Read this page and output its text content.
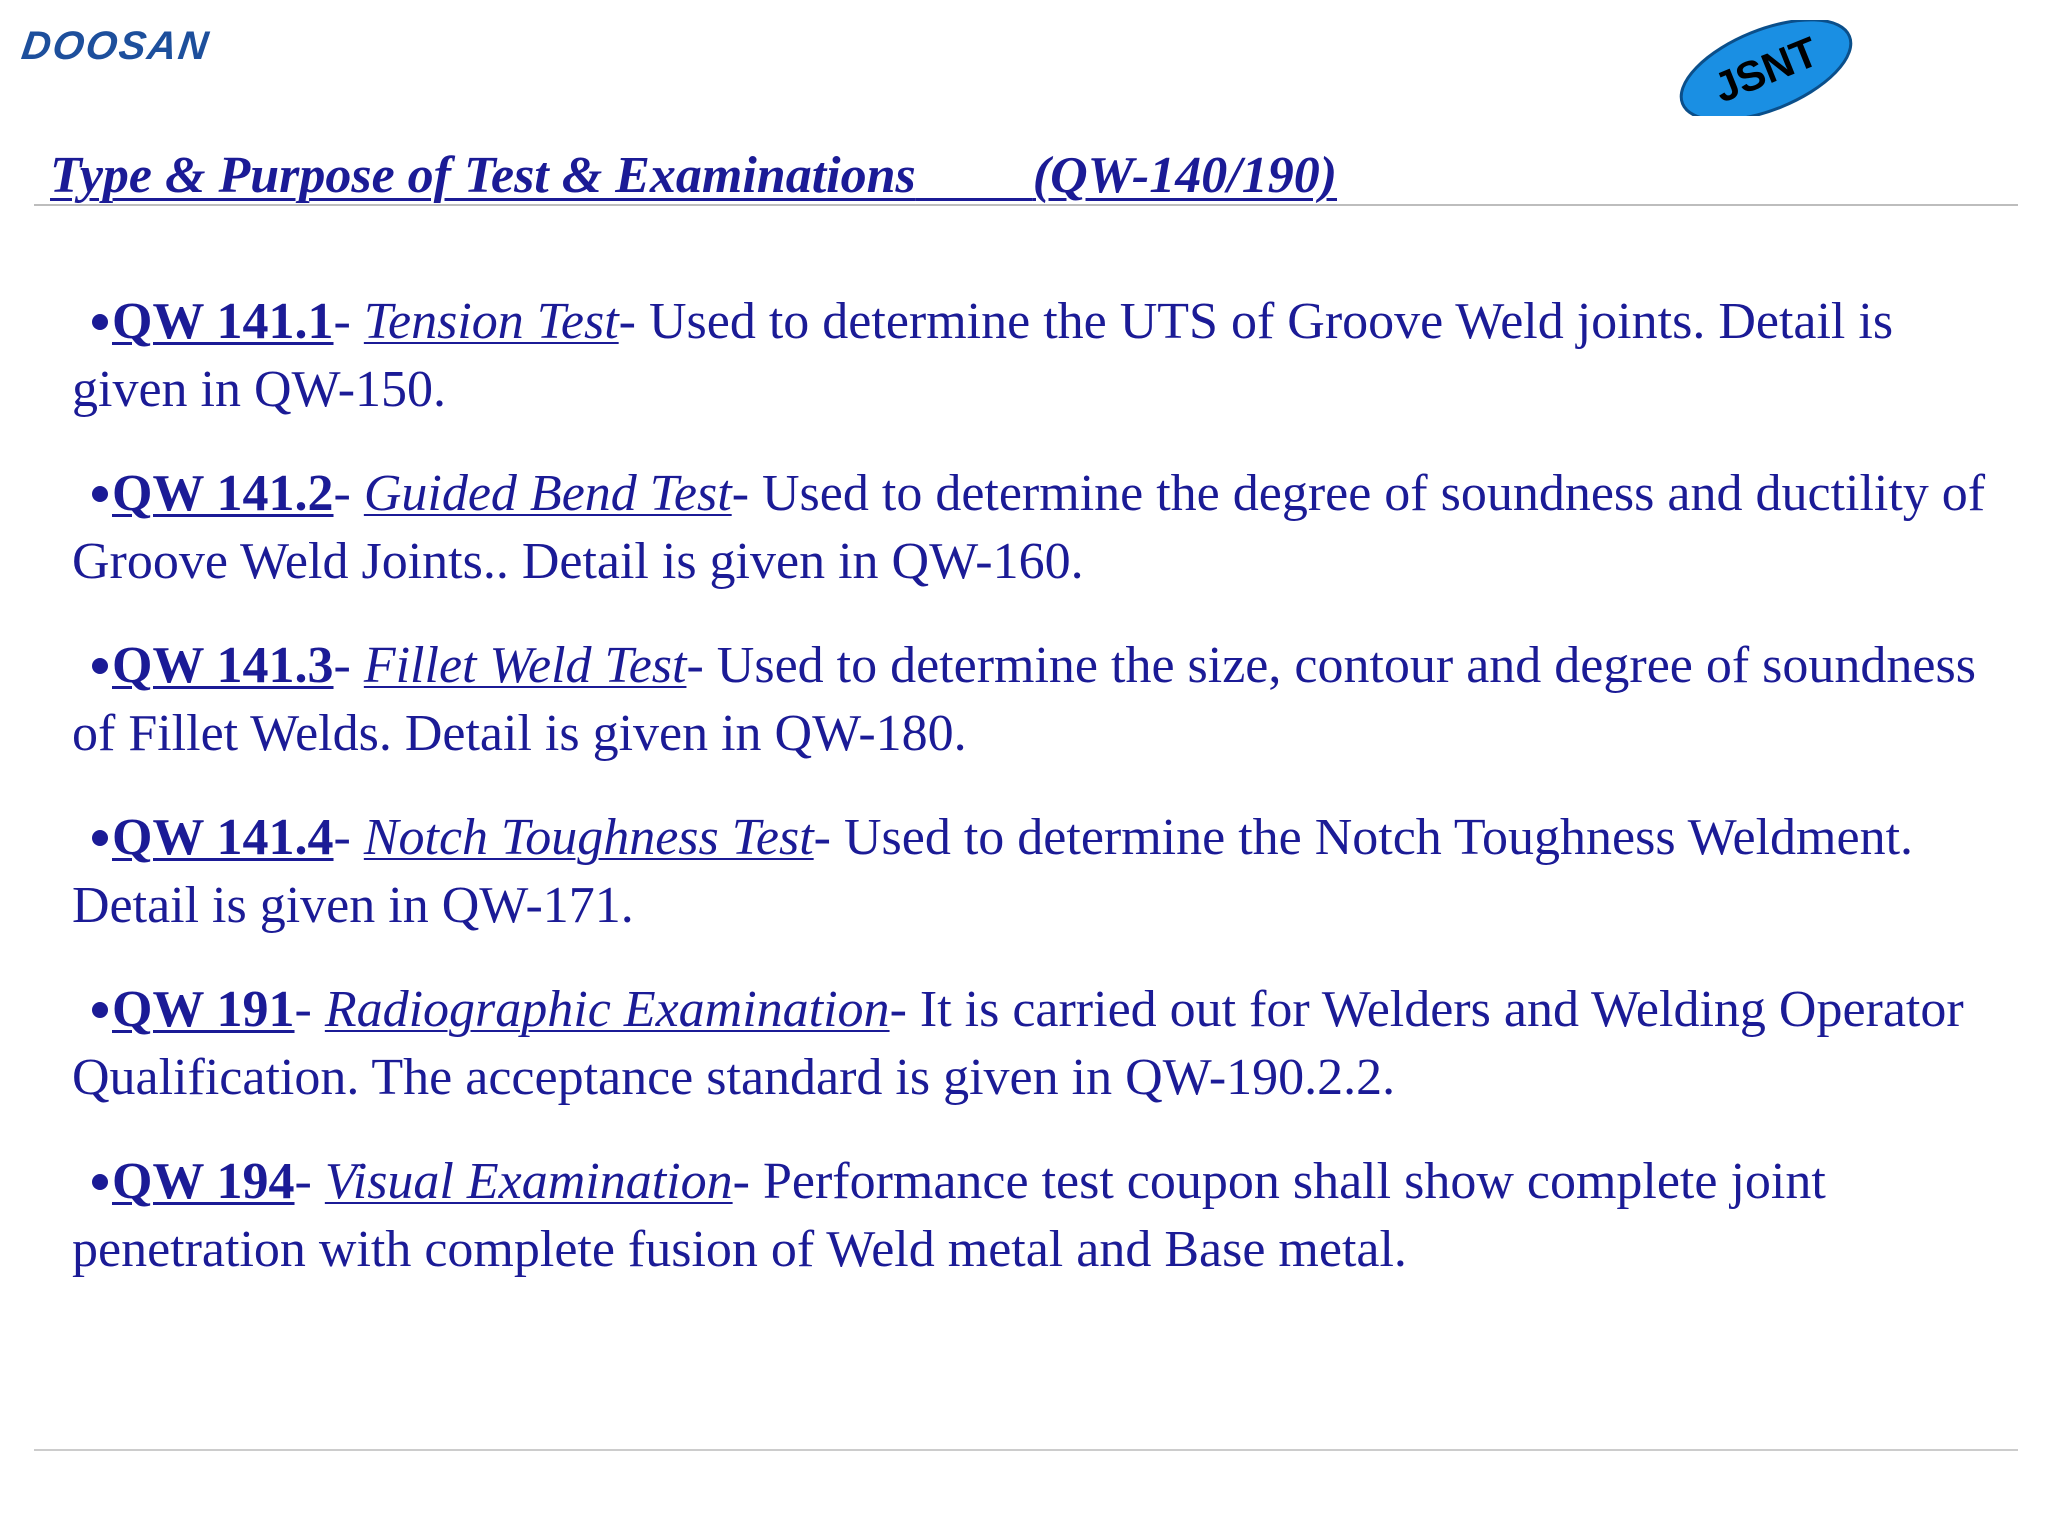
DOOSAN	JSNT
Type & Purpose of Test & Examinations (QW-140/190)
QW 141.1- Tension Test- Used to determine the UTS of Groove Weld joints. Detail is given in QW-150.
QW 141.2- Guided Bend Test- Used to determine the degree of soundness and ductility of Groove Weld Joints.. Detail is given in QW-160.
QW 141.3- Fillet Weld Test- Used to determine the size, contour and degree of soundness of Fillet Welds. Detail is given in QW-180.
QW 141.4- Notch Toughness Test- Used to determine the Notch Toughness Weldment. Detail is given in QW-171.
QW 191- Radiographic Examination- It is carried out for Welders and Welding Operator Qualification. The acceptance standard is given in QW-190.2.2.
QW 194- Visual Examination- Performance test coupon shall show complete joint penetration with complete fusion of Weld metal and Base metal.
